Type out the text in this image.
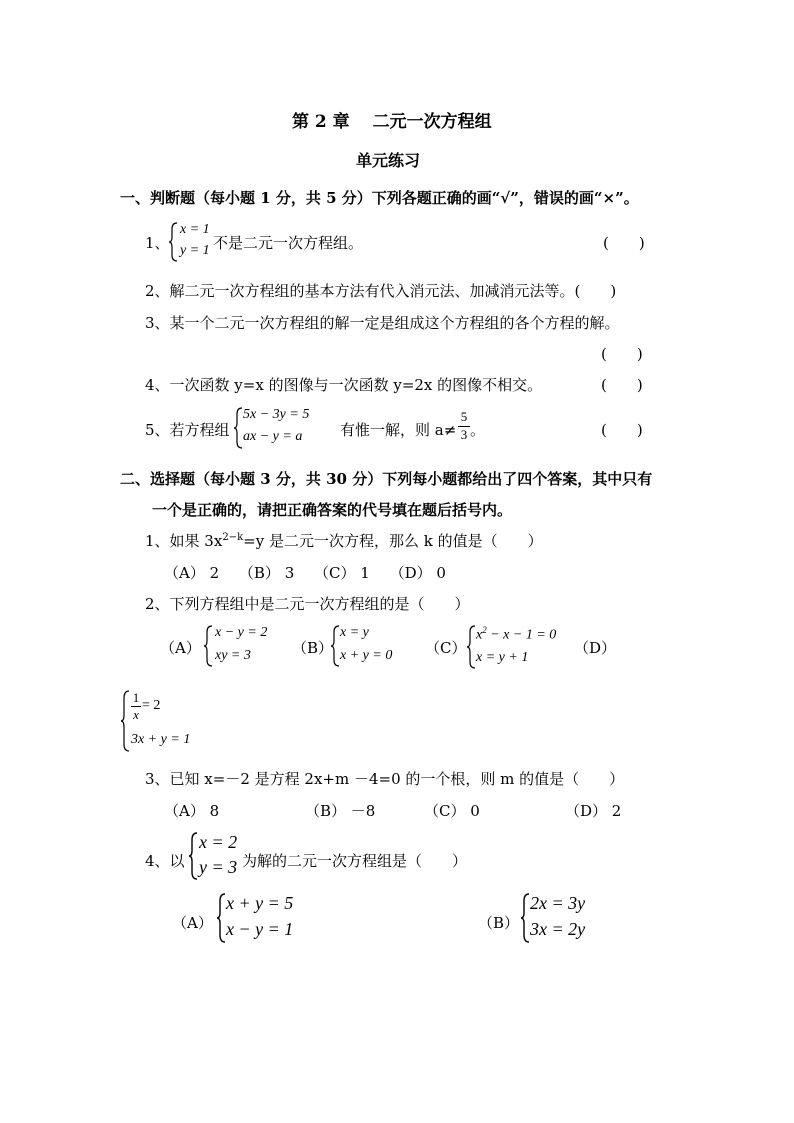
第 2 章　 二元一次方程组
单元练习
一、判断题（每小题 1 分，共 5 分）下列各题正确的画“√”，错误的画“×”。
1、
x = 1
y = 1 不是二元一次方程组。	(　　)
2、解二元一次方程组的基本方法有代入消元法、加减消元法等。(　　)
3、某一个二元一次方程组的解一定是组成这个方程组的各个方程的解。
(　　)
4、一次函数 y=x 的图像与一次函数 y=2x 的图像不相交。	(　　)
5、若方程组
5x − 3y = 5
ax − y = a	有惟一解，则 a≠
5
3 。	(　　)
二、选择题（每小题 3 分，共 30 分）下列每小题都给出了四个答案，其中只有
一个是正确的，请把正确答案的代号填在题后括号内。
1、如果 $3x^{2-k}=y$ 是二元一次方程，那么 k 的值是（　　）
（A） 2　 （B） 3　 （C） 1　 （D） 0
2、下列方程组中是二元一次方程组的是（　　）
（A）
x − y = 2
xy = 3	（B）
x = y
x + y = 0 （C）
$x^2 - x - 1 = 0$
x = y + 1
（D）
1
x
= 2
3x + y = 1
3、已知 x=－2 是方程 2x+m －4=0 的一个根，则 m 的值是（　　）
（A） 8	（B） －8	（C） 0	（D） 2
4、以
x = 2
y = 3 为解的二元一次方程组是（　　）
（A）
x + y = 5
x − y = 1	（B）
2x = 3y
3x = 2y
